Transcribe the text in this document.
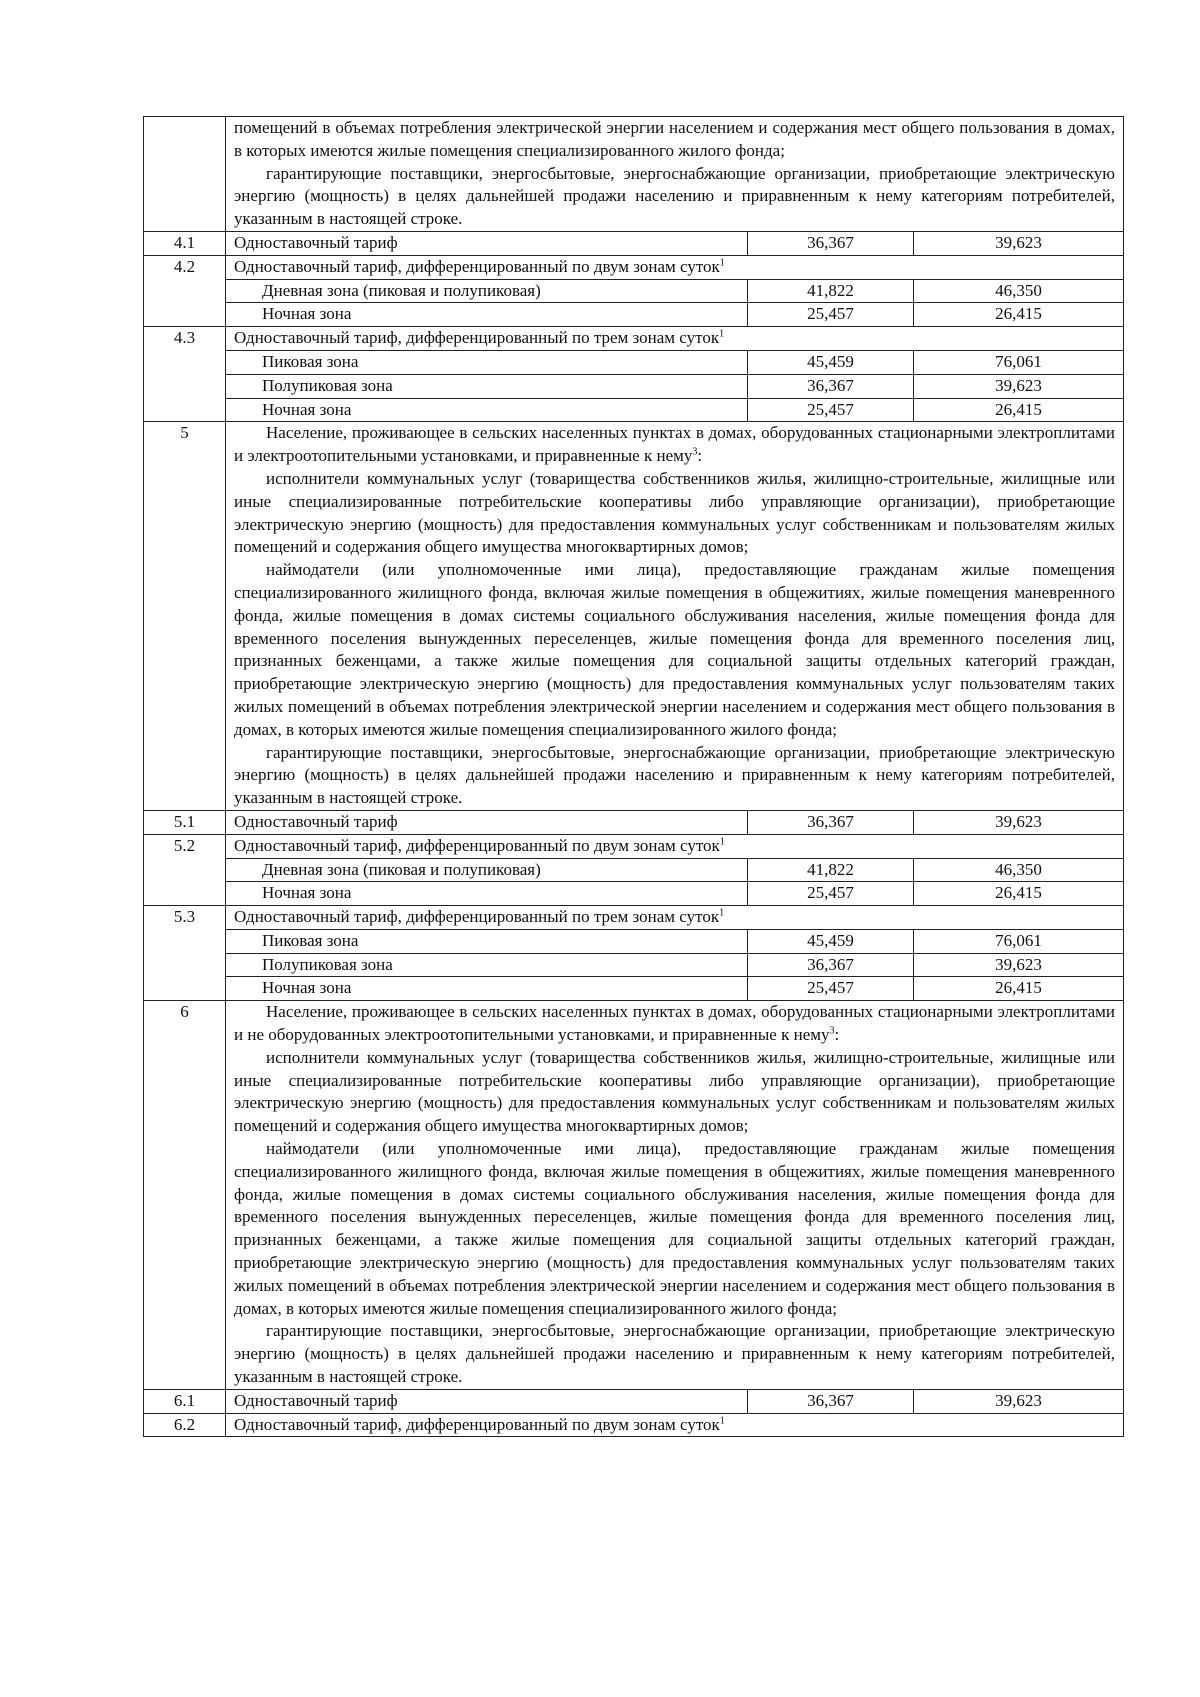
	помещений в объемах потребления электрической энергии населением и содержания мест общего пользования в домах, в которых имеются жилые помещения специализированного жилого фонда;
гарантирующие поставщики, энергосбытовые, энергоснабжающие организации, приобретающие электрическую энергию (мощность) в целях дальнейшей продажи населению и приравненным к нему категориям потребителей, указанным в настоящей строке.		

4.1	Одноставочный тариф	36,367	39,623
4.2	Одноставочный тариф, дифференцированный по двум зонам суток$^1$
	Дневная зона (пиковая и полупиковая)	41,822	46,350
	Ночная зона	25,457	26,415
4.3	Одноставочный тариф, дифференцированный по трем зонам суток$^1$
	Пиковая зона	45,459	76,061
	Полупиковая зона	36,367	39,623
	Ночная зона	25,457	26,415
5	Население, проживающее в сельских населенных пунктах в домах, оборудованных стационарными электроплитами и электроотопительными установками, и приравненные к нему$^3$:
исполнители коммунальных услуг (товарищества собственников жилья, жилищно-строительные, жилищные или иные специализированные потребительские кооперативы либо управляющие организации), приобретающие электрическую энергию (мощность) для предоставления коммунальных услуг собственникам и пользователям жилых помещений и содержания общего имущества многоквартирных домов;
наймодатели (или уполномоченные ими лица), предоставляющие гражданам жилые помещения специализированного жилищного фонда, включая жилые помещения в общежитиях, жилые помещения маневренного фонда, жилые помещения в домах системы социального обслуживания населения, жилые помещения фонда для временного поселения вынужденных переселенцев, жилые помещения фонда для временного поселения лиц, признанных беженцами, а также жилые помещения для социальной защиты отдельных категорий граждан, приобретающие электрическую энергию (мощность) для предоставления коммунальных услуг пользователям таких жилых помещений в объемах потребления электрической энергии населением и содержания мест общего пользования в домах, в которых имеются жилые помещения специализированного жилого фонда;
гарантирующие поставщики, энергосбытовые, энергоснабжающие организации, приобретающие электрическую энергию (мощность) в целях дальнейшей продажи населению и приравненным к нему категориям потребителей, указанным в настоящей строке.		

5.1	Одноставочный тариф	36,367	39,623
5.2	Одноставочный тариф, дифференцированный по двум зонам суток$^1$
	Дневная зона (пиковая и полупиковая)	41,822	46,350
	Ночная зона	25,457	26,415
5.3	Одноставочный тариф, дифференцированный по трем зонам суток$^1$
	Пиковая зона	45,459	76,061
	Полупиковая зона	36,367	39,623
	Ночная зона	25,457	26,415
6	Население, проживающее в сельских населенных пунктах в домах, оборудованных стационарными электроплитами и не оборудованных электроотопительными установками, и приравненные к нему$^3$:
исполнители коммунальных услуг (товарищества собственников жилья, жилищно-строительные, жилищные или иные специализированные потребительские кооперативы либо управляющие организации), приобретающие электрическую энергию (мощность) для предоставления коммунальных услуг собственникам и пользователям жилых помещений и содержания общего имущества многоквартирных домов;
наймодатели (или уполномоченные ими лица), предоставляющие гражданам жилые помещения специализированного жилищного фонда, включая жилые помещения в общежитиях, жилые помещения маневренного фонда, жилые помещения в домах системы социального обслуживания населения, жилые помещения фонда для временного поселения вынужденных переселенцев, жилые помещения фонда для временного поселения лиц, признанных беженцами, а также жилые помещения для социальной защиты отдельных категорий граждан, приобретающие электрическую энергию (мощность) для предоставления коммунальных услуг пользователям таких жилых помещений в объемах потребления электрической энергии населением и содержания мест общего пользования в домах, в которых имеются жилые помещения специализированного жилого фонда;
гарантирующие поставщики, энергосбытовые, энергоснабжающие организации, приобретающие электрическую энергию (мощность) в целях дальнейшей продажи населению и приравненным к нему категориям потребителей, указанным в настоящей строке.		

6.1	Одноставочный тариф	36,367	39,623
6.2	Одноставочный тариф, дифференцированный по двум зонам суток$^1$
